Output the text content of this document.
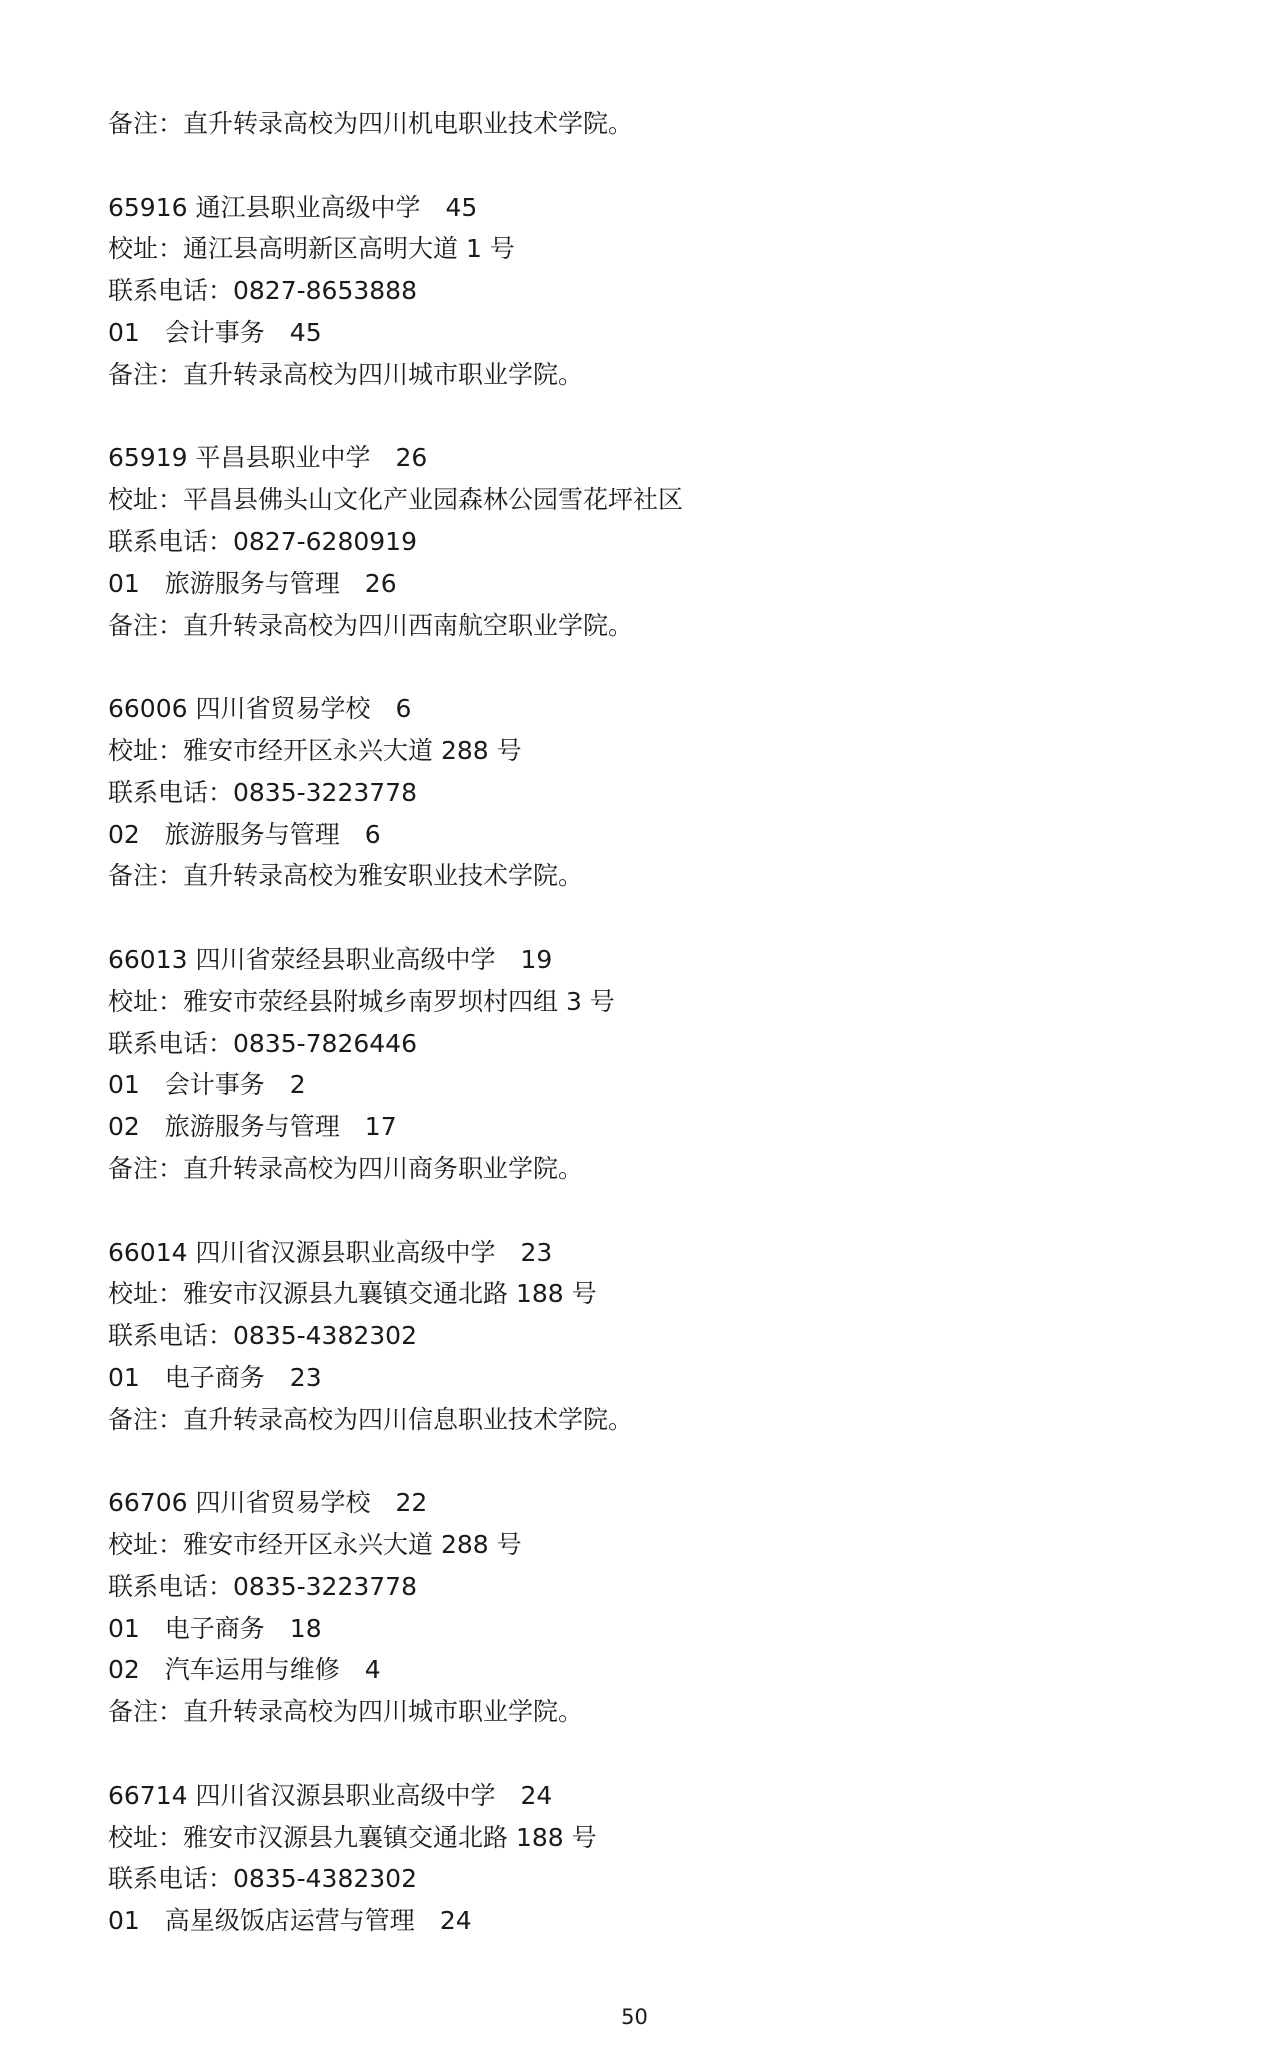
备注：直升转录高校为四川机电职业技术学院。
65916 通江县职业高级中学　45
校址：通江县高明新区高明大道 1 号
联系电话：0827-8653888
01　会计事务　45
备注：直升转录高校为四川城市职业学院。
65919 平昌县职业中学　26
校址：平昌县佛头山文化产业园森林公园雪花坪社区
联系电话：0827-6280919
01　旅游服务与管理　26
备注：直升转录高校为四川西南航空职业学院。
66006 四川省贸易学校　6
校址：雅安市经开区永兴大道 288 号
联系电话：0835-3223778
02　旅游服务与管理　6
备注：直升转录高校为雅安职业技术学院。
66013 四川省荥经县职业高级中学　19
校址：雅安市荥经县附城乡南罗坝村四组 3 号
联系电话：0835-7826446
01　会计事务　2
02　旅游服务与管理　17
备注：直升转录高校为四川商务职业学院。
66014 四川省汉源县职业高级中学　23
校址：雅安市汉源县九襄镇交通北路 188 号
联系电话：0835-4382302
01　电子商务　23
备注：直升转录高校为四川信息职业技术学院。
66706 四川省贸易学校　22
校址：雅安市经开区永兴大道 288 号
联系电话：0835-3223778
01　电子商务　18
02　汽车运用与维修　4
备注：直升转录高校为四川城市职业学院。
66714 四川省汉源县职业高级中学　24
校址：雅安市汉源县九襄镇交通北路 188 号
联系电话：0835-4382302
01　高星级饭店运营与管理　24
50
